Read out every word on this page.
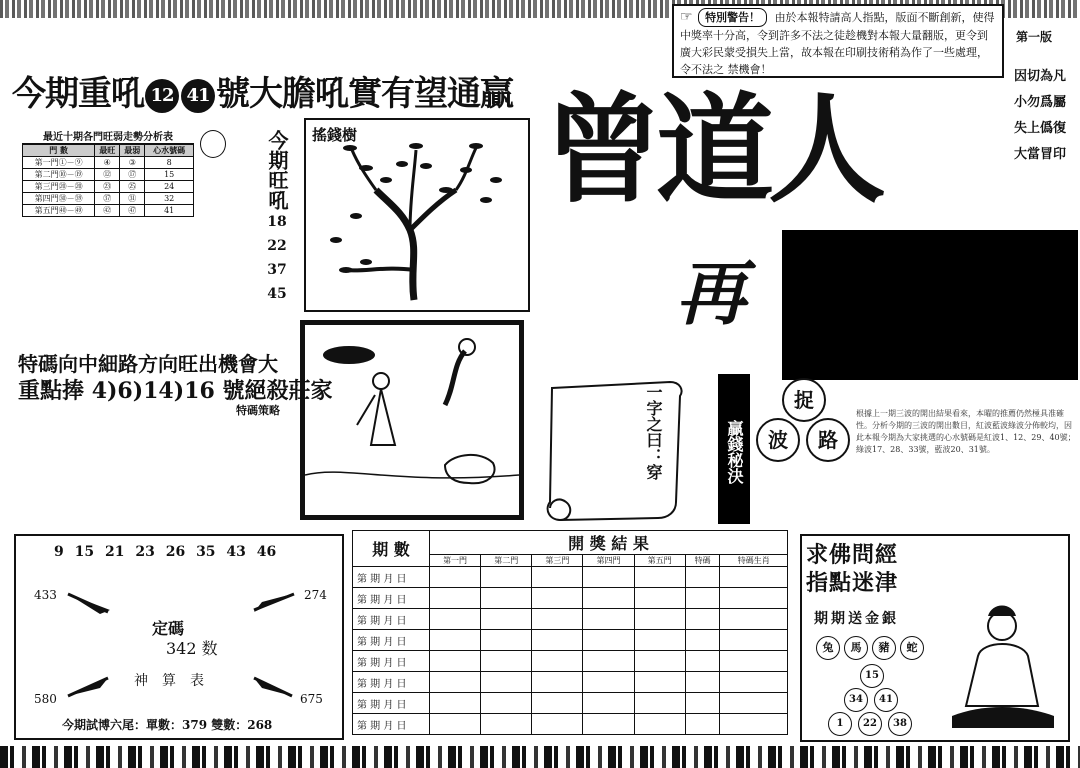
☞ 特別警告！ 由於本報特請高人指點，版面不斷創新，使得中獎率十分高，令到許多不法之徒趁機對本報大量翻版，更令到廣大彩民蒙受損失上當，故本報在印刷技術稍為作了一些處理，令不法之 禁機會！
第一版
今期重吼 12 41 號大膽吼實有望通贏
最近十期各門旺弱走勢分析表
門 數	最旺	最弱	心水號碼
第一門①－⑨	④	③	8
第二門⑩－⑲	⑫	⑰	15
第三門⑳－⑳	㉓	㉕	24
第四門㉚－㊴	㊲	㉛	32
第五門㊵－㊾	㊷	㊼	41
今期旺吼
18
22
37
45
搖錢樹 曾道人
再
因切為凡
小勿爲屬
失上僞復
大當冒印
特碼向中細路方向旺出機會大
重點捧 4)6)14)16 號絕殺莊家
特碼策略	一字之曰：穿	贏錢秘決
捉
波	路
根據上一期三波的開出結果看來，本曜的推薦仍然極具准確性。分析今期的三波的開出數目，紅波藍波綠波分佈較均，因此本報今期為大家挑選的心水號碼是紅波1、12、29、40號；綠波17、28、33號，藍波20、31號。
9 15 21 23 26 35 43 46
433	274
580	675
定碼
342 数
神算表
今期試博六尾：單數：379 雙數：268
期 數	開 獎 結 果						
	第一門	第二門	第三門	第四門	第五門	特碼	特碼生肖
第 期 月 日							
第 期 月 日							
第 期 月 日							
第 期 月 日							
第 期 月 日							
第 期 月 日							
第 期 月 日							
第 期 月 日							
求佛問經
指點迷津
期期送金銀
兔	馬	豬	蛇
15
34	41
1	22	38
